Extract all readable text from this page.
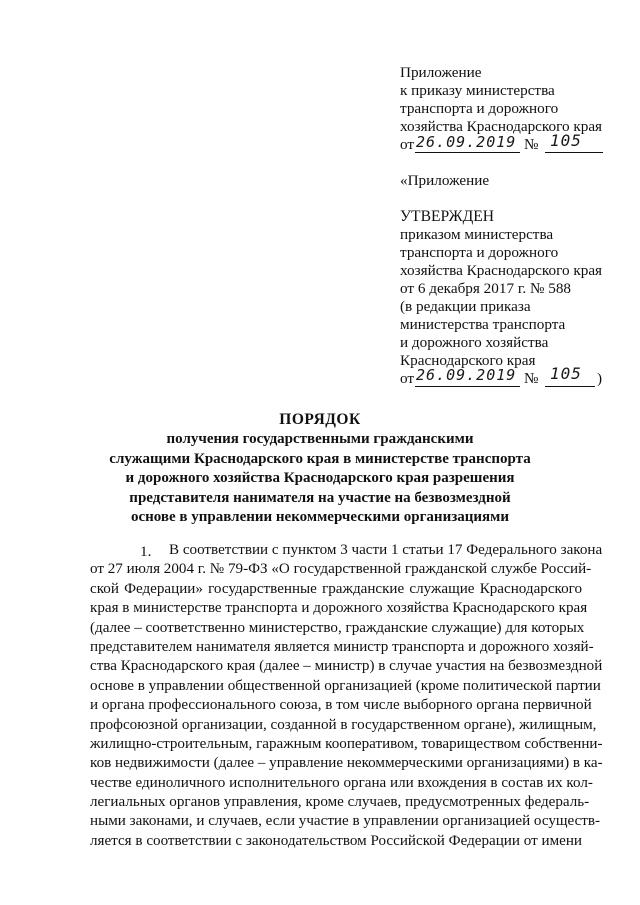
Приложение
к приказу министерства
транспорта и дорожного
хозяйства Краснодарского края
от 26.09.2019 № 105
«Приложение
УТВЕРЖДЕН
приказом министерства
транспорта и дорожного
хозяйства Краснодарского края
от 6 декабря 2017 г. № 588
(в редакции приказа
министерства транспорта
и дорожного хозяйства
Краснодарского края
от 26.09.2019 № 105 )
ПОРЯДОК
получения государственными гражданскими
служащими Краснодарского края в министерстве транспорта
и дорожного хозяйства Краснодарского края разрешения
представителя нанимателя на участие на безвозмездной
основе в управлении некоммерческими организациями
1.	В соответствии с пунктом 3 части 1 статьи 17 Федерального закона
от 27 июля 2004 г. № 79-ФЗ «О государственной гражданской службе Россий-
ской Федерации» государственные гражданские служащие Краснодарского
края в министерстве транспорта и дорожного хозяйства Краснодарского края
(далее – соответственно министерство, гражданские служащие) для которых
представителем нанимателя является министр транспорта и дорожного хозяй-
ства Краснодарского края (далее – министр) в случае участия на безвозмездной
основе в управлении общественной организацией (кроме политической партии
и органа профессионального союза, в том числе выборного органа первичной
профсоюзной организации, созданной в государственном органе), жилищным,
жилищно-строительным, гаражным кооперативом, товариществом собственни-
ков недвижимости (далее – управление некоммерческими организациями) в ка-
честве единоличного исполнительного органа или вхождения в состав их кол-
легиальных органов управления, кроме случаев, предусмотренных федераль-
ными законами, и случаев, если участие в управлении организацией осуществ-
ляется в соответствии с законодательством Российской Федерации от имени
